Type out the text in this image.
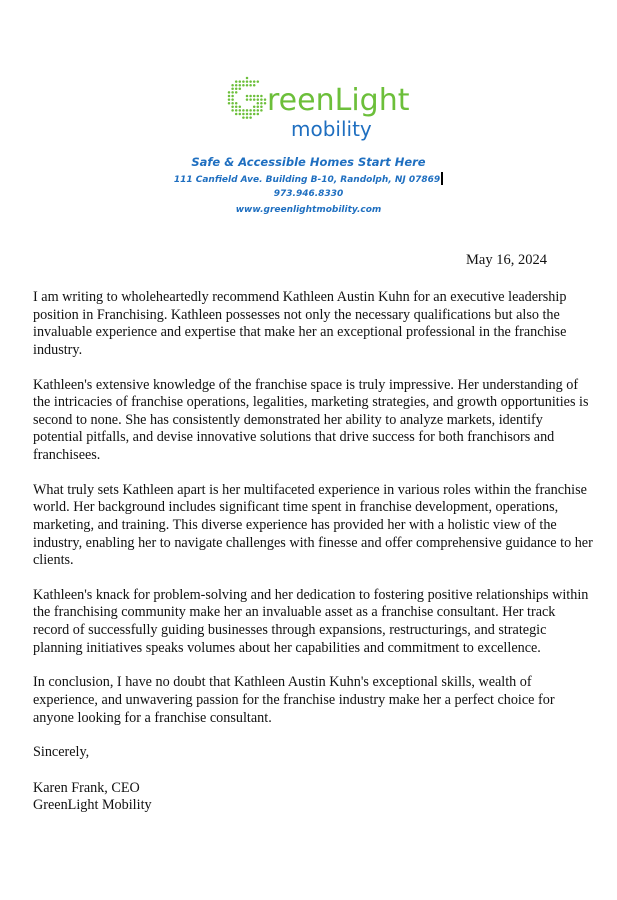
reenLight
mobility
Safe & Accessible Homes Start Here
111 Canfield Ave. Building B-10, Randolph, NJ 07869
973.946.8330
www.greenlightmobility.com
May 16, 2024

I am writing to wholeheartedly recommend Kathleen Austin Kuhn for an executive leadership position in Franchising. Kathleen possesses not only the necessary qualifications but also the invaluable experience and expertise that make her an exceptional professional in the franchise industry.

Kathleen's extensive knowledge of the franchise space is truly impressive. Her understanding of the intricacies of franchise operations, legalities, marketing strategies, and growth opportunities is second to none. She has consistently demonstrated her ability to analyze markets, identify potential pitfalls, and devise innovative solutions that drive success for both franchisors and franchisees.

What truly sets Kathleen apart is her multifaceted experience in various roles within the franchise world. Her background includes significant time spent in franchise development, operations, marketing, and training. This diverse experience has provided her with a holistic view of the industry, enabling her to navigate challenges with finesse and offer comprehensive guidance to her clients.

Kathleen's knack for problem-solving and her dedication to fostering positive relationships within the franchising community make her an invaluable asset as a franchise consultant. Her track record of successfully guiding businesses through expansions, restructurings, and strategic planning initiatives speaks volumes about her capabilities and commitment to excellence.

In conclusion, I have no doubt that Kathleen Austin Kuhn's exceptional skills, wealth of experience, and unwavering passion for the franchise industry make her a perfect choice for anyone looking for a franchise consultant.

Sincerely,

Karen Frank, CEO

GreenLight Mobility
